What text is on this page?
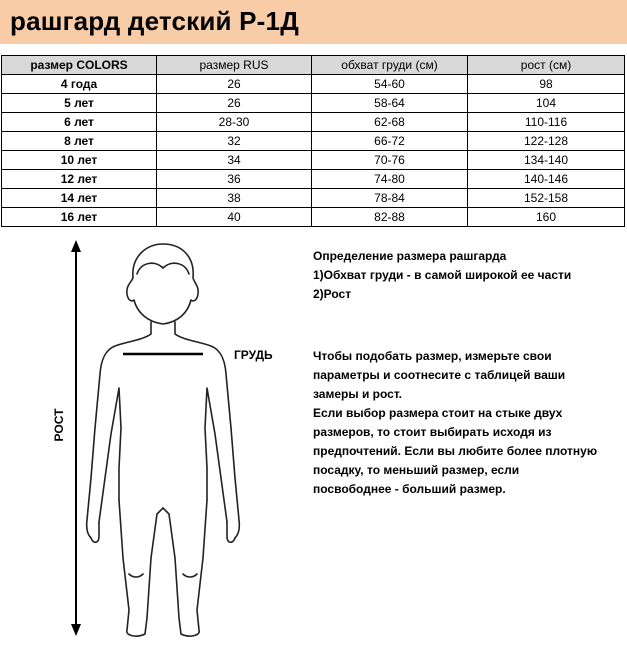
рашгард детский Р-1Д
размер COLORS	размер RUS	обхват груди (см)	рост (см)
4 года	26	54-60	98
5 лет	26	58-64	104
6 лет	28-30	62-68	110-116
8 лет	32	66-72	122-128
10 лет	34	70-76	134-140
12 лет	36	74-80	140-146
14 лет	38	78-84	152-158
16 лет	40	82-88	160
ГРУДЬ
РОСТ

Определение размера рашгарда

1)Обхват груди - в самой широкой ее части

2)Рост

Чтобы подобать размер, измерьте свои

параметры и соотнесите с таблицей ваши

замеры и рост.

Если выбор размера стоит на стыке двух

размеров, то стоит выбирать исходя из

предпочтений. Если вы любите более плотную

посадку, то меньший размер, если

посвободнее - больший размер.
